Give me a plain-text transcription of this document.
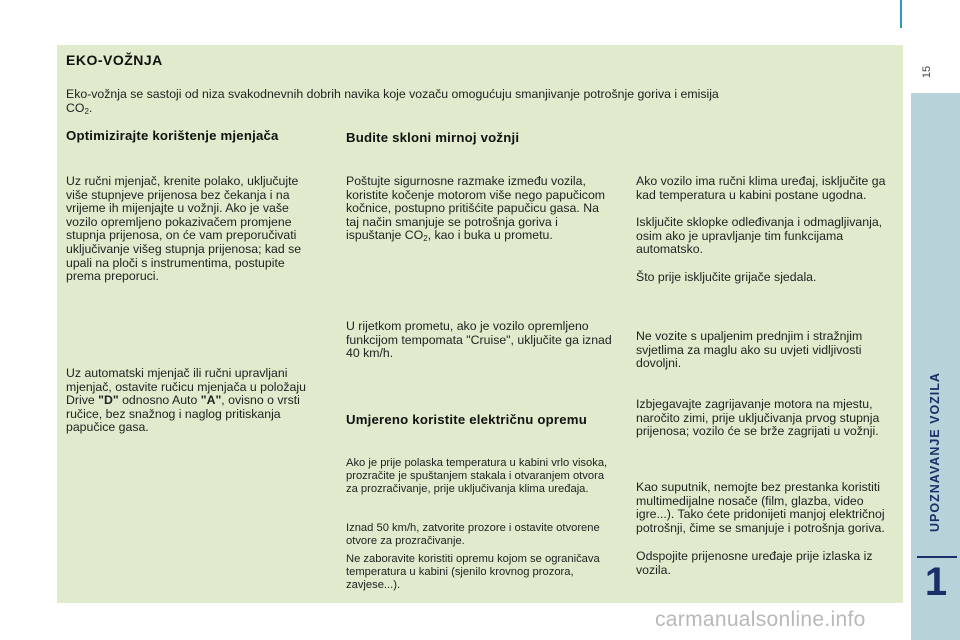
15
UPOZNAVANJE VOZILA
1
EKO-VOŽNJA
Eko-vožnja se sastoji od niza svakodnevnih dobrih navika koje vozaču omogućuju smanjivanje potrošnje goriva i emisija
$CO_2$.
Optimizirajte korištenje mjenjača
Uz ručni mjenjač, krenite polako, uključujte više stupnjeve prijenosa bez čekanja i na vrijeme ih mijenjajte u vožnji. Ako je vaše vozilo opremljeno pokazivačem promjene stupnja prijenosa, on će vam preporučivati uključivanje višeg stupnja prijenosa; kad se upali na ploči s instrumentima, postupite prema preporuci.
Uz automatski mjenjač ili ručni upravljani mjenjač, ostavite ručicu mjenjača u položaju Drive "D" odnosno Auto "A", ovisno o vrsti ručice, bez snažnog i naglog pritiskanja papučice gasa.
Budite skloni mirnoj vožnji
Poštujte sigurnosne razmake između vozila, koristite kočenje motorom više nego papučicom kočnice, postupno pritišćite papučicu gasa. Na taj način smanjuje se potrošnja goriva i ispuštanje $CO_2$, kao i buka u prometu.
U rijetkom prometu, ako je vozilo opremljeno funkcijom tempomata "Cruise", uključite ga iznad 40 km/h.
Umjereno koristite električnu opremu
Ako je prije polaska temperatura u kabini vrlo visoka, prozračite je spuštanjem stakala i otvaranjem otvora za prozračivanje, prije uključivanja klima uređaja.
Iznad 50 km/h, zatvorite prozore i ostavite otvorene otvore za prozračivanje.
Ne zaboravite koristiti opremu kojom se ograničava temperatura u kabini (sjenilo krovnog prozora, zavjese...).
Ako vozilo ima ručni klima uređaj, isključite ga kad temperatura u kabini postane ugodna.
Isključite sklopke odleđivanja i odmagljivanja, osim ako je upravljanje tim funkcijama automatsko.
Što prije isključite grijače sjedala.
Ne vozite s upaljenim prednjim i stražnjim svjetlima za maglu ako su uvjeti vidljivosti dovoljni.
Izbjegavajte zagrijavanje motora na mjestu, naročito zimi, prije uključivanja prvog stupnja prijenosa; vozilo će se brže zagrijati u vožnji.
Kao suputnik, nemojte bez prestanka koristiti multimedijalne nosače (film, glazba, video igre...). Tako ćete pridonijeti manjoj električnoj potrošnji, čime se smanjuje i potrošnja goriva.
Odspojite prijenosne uređaje prije izlaska iz vozila.
carmanualsonline.info
